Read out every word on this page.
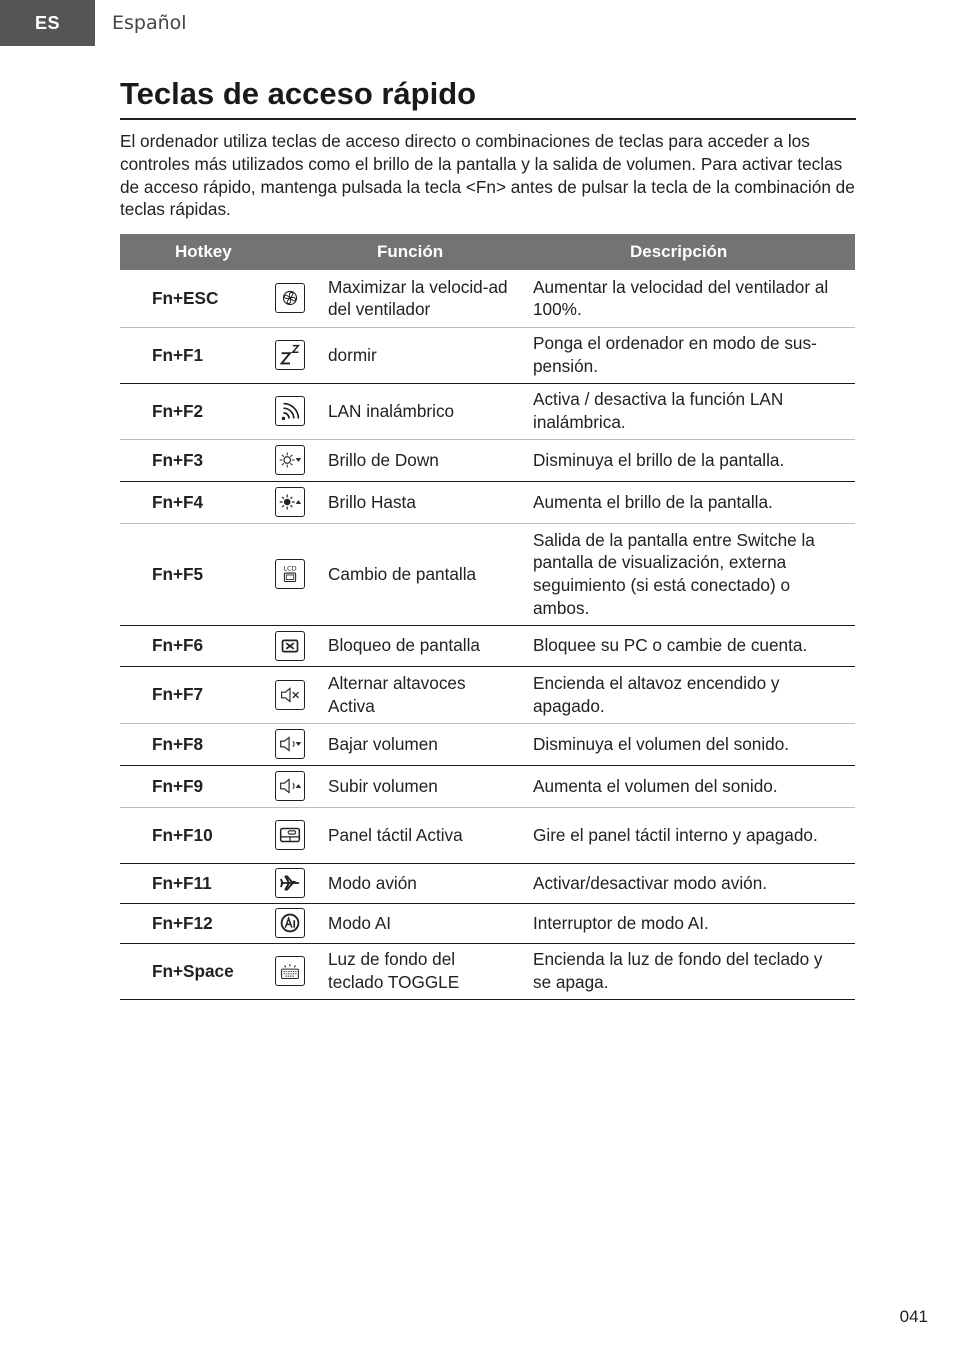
ES	Español
Teclas de acceso rápido

El ordenador utiliza teclas de acceso directo o combinaciones de teclas para acceder a los controles más utilizados como el brillo de la pantalla y la salida de volumen. Para activar teclas de acceso rápido, mantenga pulsada la tecla <Fn> antes de pulsar la tecla de la combinación de teclas rápidas.

Hotkey		Función	Descripción
Fn+ESC		Maximizar la velocid-ad del ventilador	Aumentar la velocidad del ventilador al 100%.
Fn+F1		dormir	Ponga el ordenador en modo de sus-pensión.
Fn+F2		LAN inalámbrico	Activa / desactiva la función LAN inalámbrica.
Fn+F3		Brillo de Down	Disminuya el brillo de la pantalla.
Fn+F4		Brillo Hasta	Aumenta el brillo de la pantalla.
Fn+F5	LCD	Cambio de pantalla	Salida de la pantalla entre Switche la pantalla de visualización, externa seguimiento (si está conectado) o ambos.
Fn+F6		Bloqueo de pantalla	Bloquee su PC o cambie de cuenta.
Fn+F7		Alternar altavoces Activa	Encienda el altavoz encendido y apagado.
Fn+F8		Bajar volumen	Disminuya el volumen del sonido.
Fn+F9		Subir volumen	Aumenta el volumen del sonido.
Fn+F10		Panel táctil Activa	Gire el panel táctil interno y apagado.
Fn+F11		Modo avión	Activar/desactivar modo avión.
Fn+F12		Modo AI	Interruptor de modo AI.
Fn+Space		Luz de fondo del teclado TOGGLE	Encienda la luz de fondo del teclado y se apaga.
041
